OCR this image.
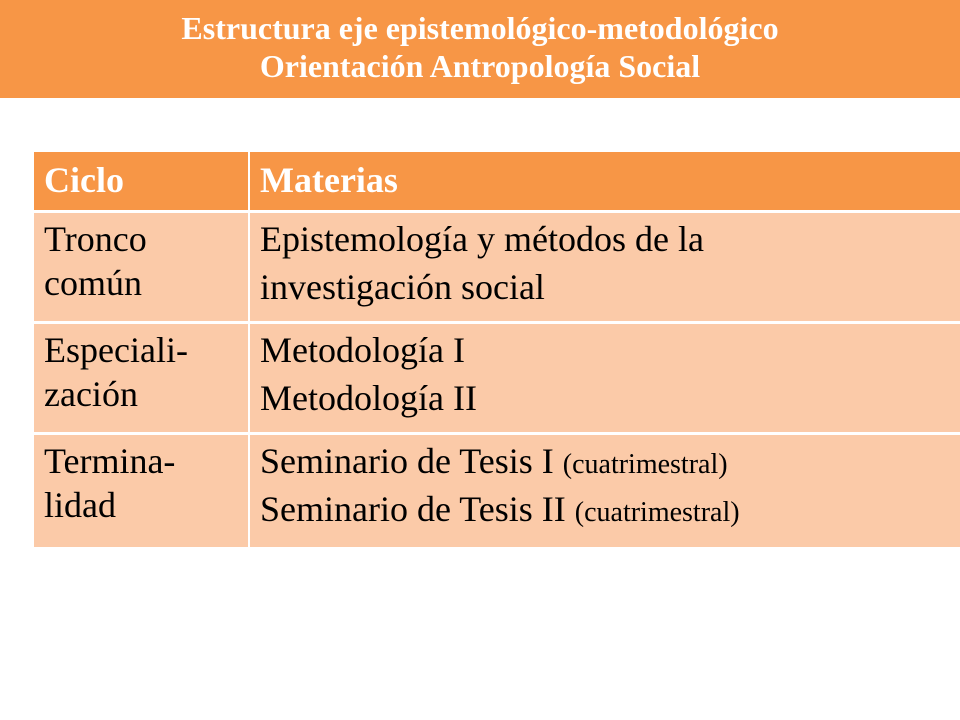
Estructura eje epistemológico-metodológico
Orientación Antropología Social
Ciclo	Materias
Tronco
común
Epistemología y métodos de la
investigación social
Especiali-
zación
Metodología I
Metodología II
Termina-
lidad
Seminario de Tesis I (cuatrimestral)
Seminario de Tesis II (cuatrimestral)
